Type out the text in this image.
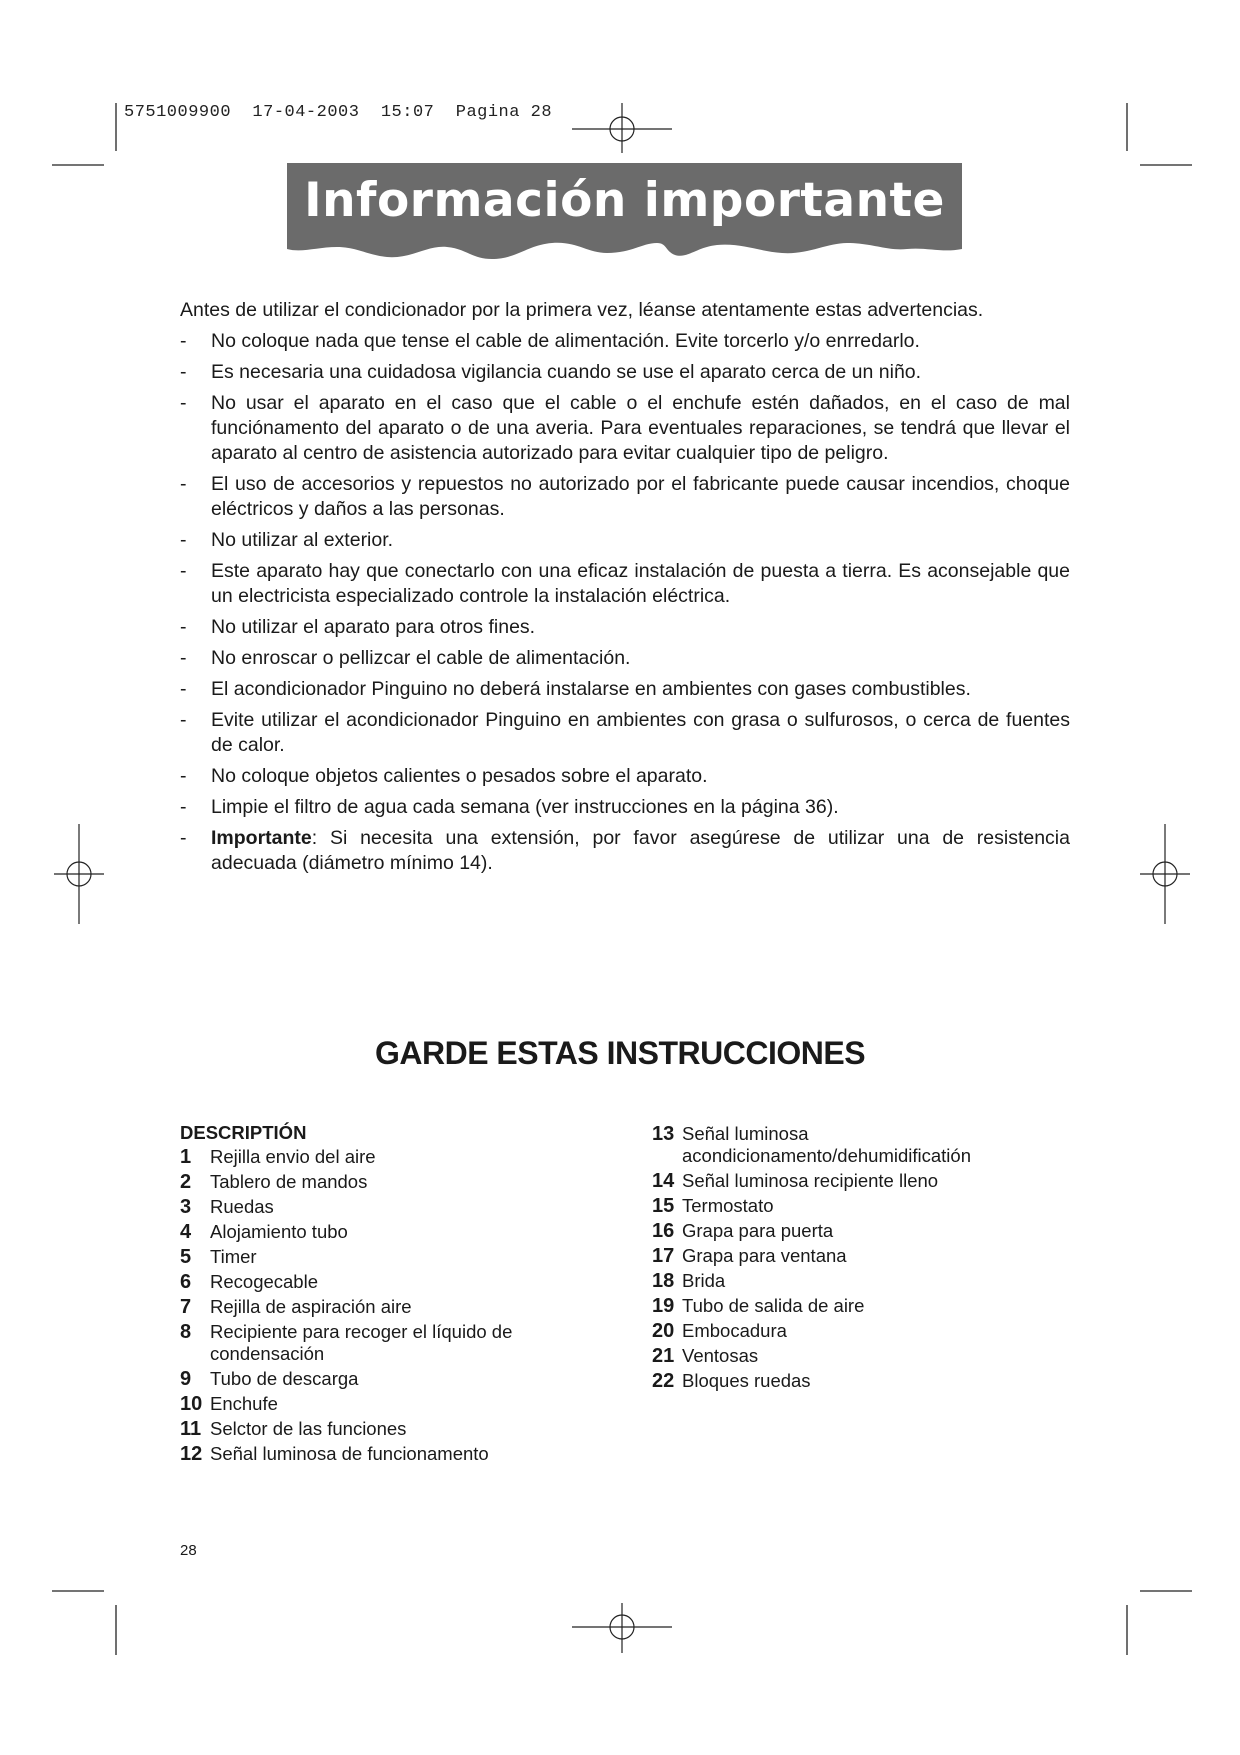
5751009900  17-04-2003  15:07  Pagina 28
Información importante

Antes de utilizar el condicionador por la primera vez, léanse atentamente estas advertencias.

- No coloque nada que tense el cable de alimentación. Evite torcerlo y/o enrredarlo.
- Es necesaria una cuidadosa vigilancia cuando se use el aparato cerca de un niño.
- No usar el aparato en el caso que el cable o el enchufe estén dañados, en el caso de mal funciónamento del aparato o de una averia. Para eventuales reparaciones, se tendrá que llevar el aparato al centro de asistencia autorizado para evitar cualquier tipo de peligro.
- El uso de accesorios y repuestos no autorizado por el fabricante puede causar incendios, choque eléctricos y daños a las personas.
- No utilizar al exterior.
- Este aparato hay que conectarlo con una eficaz instalación de puesta a tierra. Es aconsejable que un electricista especializado controle la instalación eléctrica.
- No utilizar el aparato para otros fines.
- No enroscar o pellizcar el cable de alimentación.
- El acondicionador Pinguino no deberá instalarse en ambientes con gases combustibles.
- Evite utilizar el acondicionador Pinguino en ambientes con grasa o sulfurosos, o cerca de fuentes de calor.
- No coloque objetos calientes o pesados sobre el aparato.
- Limpie el filtro de agua cada semana (ver instrucciones en la página 36).
- Importante: Si necesita una extensión, por favor asegúrese de utilizar una de resistencia adecuada (diámetro mínimo 14).
GARDE ESTAS INSTRUCCIONES
DESCRIPTIÓN
1 Rejilla envio del aire
2 Tablero de mandos
3 Ruedas
4 Alojamiento tubo
5 Timer
6 Recogecable
7 Rejilla de aspiración aire
8 Recipiente para recoger el líquido de condensación
9 Tubo de descarga
10 Enchufe
11 Selctor de las funciones
12 Señal luminosa de funcionamento
13 Señal luminosa acondicionamento/dehumidificatión
14 Señal luminosa recipiente lleno
15 Termostato
16 Grapa para puerta
17 Grapa para ventana
18 Brida
19 Tubo de salida de aire
20 Embocadura
21 Ventosas
22 Bloques ruedas
28
